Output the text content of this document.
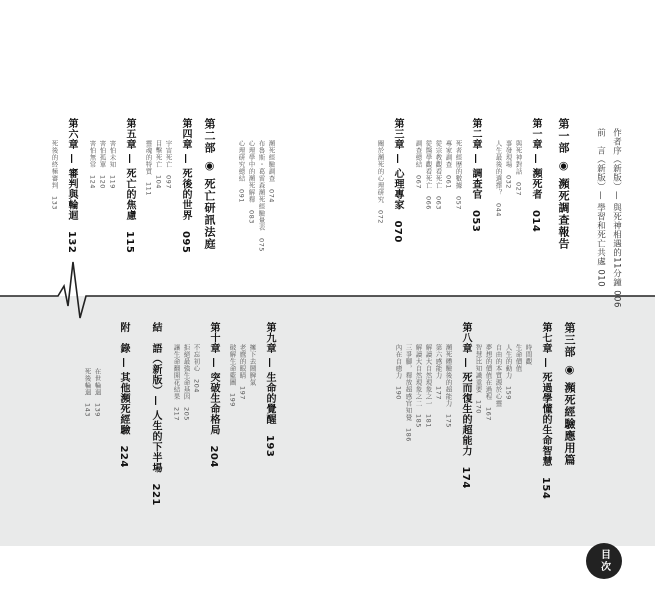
作者序（新版）— 與死神相遇的11分鐘 006
前　言（新版）— 學習和死亡共處 010
第一部 ◉ 瀕死調查報告
第一章 — 瀕死者　014
與死神對話　027
事發現場　032
人生最後的選擇？　044
第二章 — 調查官　053
死者經歷的數據　057
專家調查　061
從宗教觀看死亡　063
從醫學觀看死亡　066
調查總結　067
第三章 — 心理專家　070
關於瀕死的心理研究　072
第二部 ◉ 死亡研訊法庭	瀕死經驗調查　074
布魯斯・葛雷森瀕死經驗量表　075
心理學中的瀕死解釋　083
心理研究總結　091
第四章 — 死後的世界　095
宇宙死亡　097
目擊死亡　104
靈魂的特質　111
第五章 — 死亡的焦慮　115
害怕未知　119
害怕孤單　120
害怕無常　124
第六章 — 審判與輪迴　132
死後的終極審判　133
第三部 ◉ 瀕死經驗應用篇
第七章 — 死過學懂的生命智慧　154
時間觀
生命價值
人生的動力　159
自由的本質源於心靈
夢想的價值在過程　167
智慧比知識重要　170
第八章 — 死而復生的超能力　174
瀕死體驗後的超能力　175
第六感能力　177
解讀大自然現象之一　181
解讀大自然現象之二　185
三爭腳，釋放超感官知覺　186
內在自癒力　190
第九章 — 生命的覺醒　193
擁下去鬧脾氣
老鷹的眼睛　197
破解生命藍圖　199
第十章 — 突破生命格局　204
不忘初心　204
拒絕最強生命基因　205
讓生命翻開花結果　217
結　語（新版）— 人生的下半場　221
附　錄 — 其他瀕死經驗　224
在世輪迴　139
死後輪迴　143
目次
